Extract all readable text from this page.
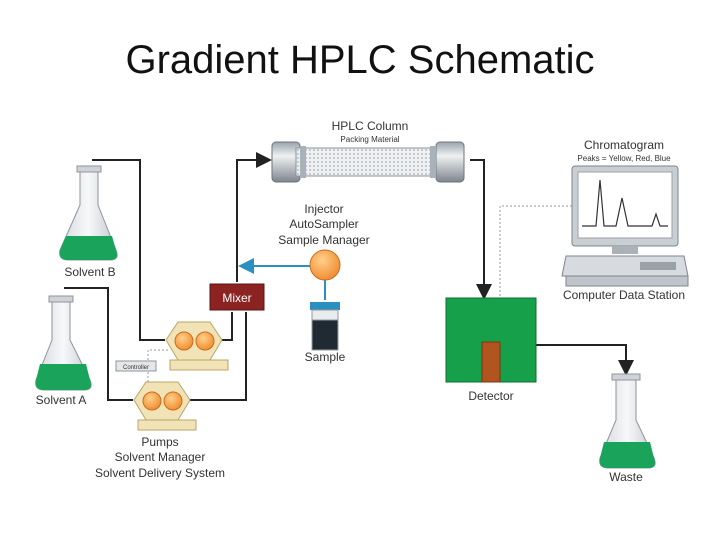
Gradient HPLC Schematic
HPLC Column
Packing Material
Injector
AutoSampler
Sample Manager
Sample
Mixer
Solvent B
Solvent A
Controller
Pumps
Solvent Manager
Solvent Delivery System
Detector
Waste
Chromatogram
Peaks = Yellow, Red, Blue
Computer Data Station
